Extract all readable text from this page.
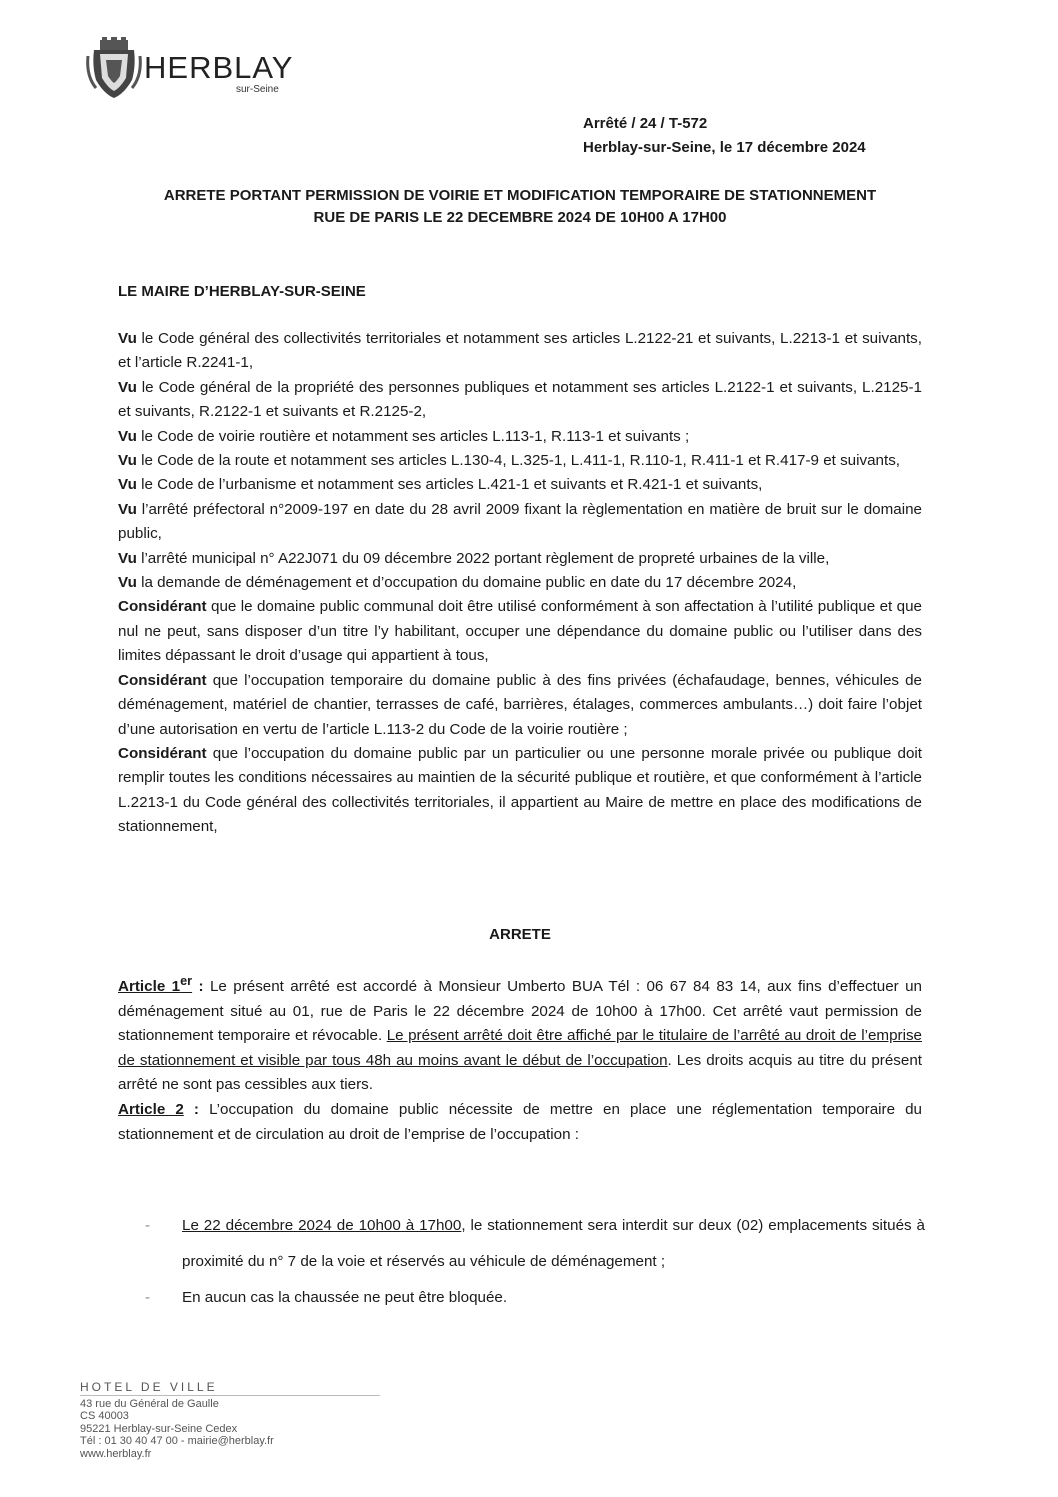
HERBLAY
sur-Seine
Arrêté / 24 / T-572
Herblay-sur-Seine, le 17 décembre 2024
ARRETE PORTANT PERMISSION DE VOIRIE ET MODIFICATION TEMPORAIRE DE STATIONNEMENT
RUE DE PARIS LE 22 DECEMBRE 2024 DE 10H00 A 17H00
LE MAIRE D’HERBLAY-SUR-SEINE

Vu le Code général des collectivités territoriales et notamment ses articles L.2122-21 et suivants, L.2213-1 et suivants, et l’article R.2241-1,

Vu le Code général de la propriété des personnes publiques et notamment ses articles L.2122-1 et suivants, L.2125-1 et suivants, R.2122-1 et suivants et R.2125-2,

Vu le Code de voirie routière et notamment ses articles L.113-1, R.113-1 et suivants ;

Vu le Code de la route et notamment ses articles L.130-4, L.325-1, L.411-1, R.110-1, R.411-1 et R.417-9 et suivants,

Vu le Code de l’urbanisme et notamment ses articles L.421-1 et suivants et R.421-1 et suivants,

Vu l’arrêté préfectoral n°2009-197 en date du 28 avril 2009 fixant la règlementation en matière de bruit sur le domaine public,

Vu l’arrêté municipal n° A22J071 du 09 décembre 2022 portant règlement de propreté urbaines de la ville,

Vu la demande de déménagement et d’occupation du domaine public en date du 17 décembre 2024,

Considérant que le domaine public communal doit être utilisé conformément à son affectation à l’utilité publique et que nul ne peut, sans disposer d’un titre l’y habilitant, occuper une dépendance du domaine public ou l’utiliser dans des limites dépassant le droit d’usage qui appartient à tous,

Considérant que l’occupation temporaire du domaine public à des fins privées (échafaudage, bennes, véhicules de déménagement, matériel de chantier, terrasses de café, barrières, étalages, commerces ambulants…) doit faire l’objet d’une autorisation en vertu de l’article L.113-2 du Code de la voirie routière ;

Considérant que l’occupation du domaine public par un particulier ou une personne morale privée ou publique doit remplir toutes les conditions nécessaires au maintien de la sécurité publique et routière, et que conformément à l’article L.2213-1 du Code général des collectivités territoriales, il appartient au Maire de mettre en place des modifications de stationnement,

ARRETE

Article 1er : Le présent arrêté est accordé à Monsieur Umberto BUA Tél : 06 67 84 83 14, aux fins d’effectuer un déménagement situé au 01, rue de Paris le 22 décembre 2024 de 10h00 à 17h00. Cet arrêté vaut permission de stationnement temporaire et révocable. Le présent arrêté doit être affiché par le titulaire de l’arrêté au droit de l’emprise de stationnement et visible par tous 48h au moins avant le début de l’occupation. Les droits acquis au titre du présent arrêté ne sont pas cessibles aux tiers.

Article 2 : L’occupation du domaine public nécessite de mettre en place une réglementation temporaire du stationnement et de circulation au droit de l’emprise de l’occupation :

- Le 22 décembre 2024 de 10h00 à 17h00, le stationnement sera interdit sur deux (02) emplacements situés à proximité du n° 7 de la voie et réservés au véhicule de déménagement ;
- En aucun cas la chaussée ne peut être bloquée.
HOTEL DE VILLE
43 rue du Général de Gaulle
CS 40003
95221 Herblay-sur-Seine Cedex
Tél : 01 30 40 47 00 - mairie@herblay.fr
www.herblay.fr
